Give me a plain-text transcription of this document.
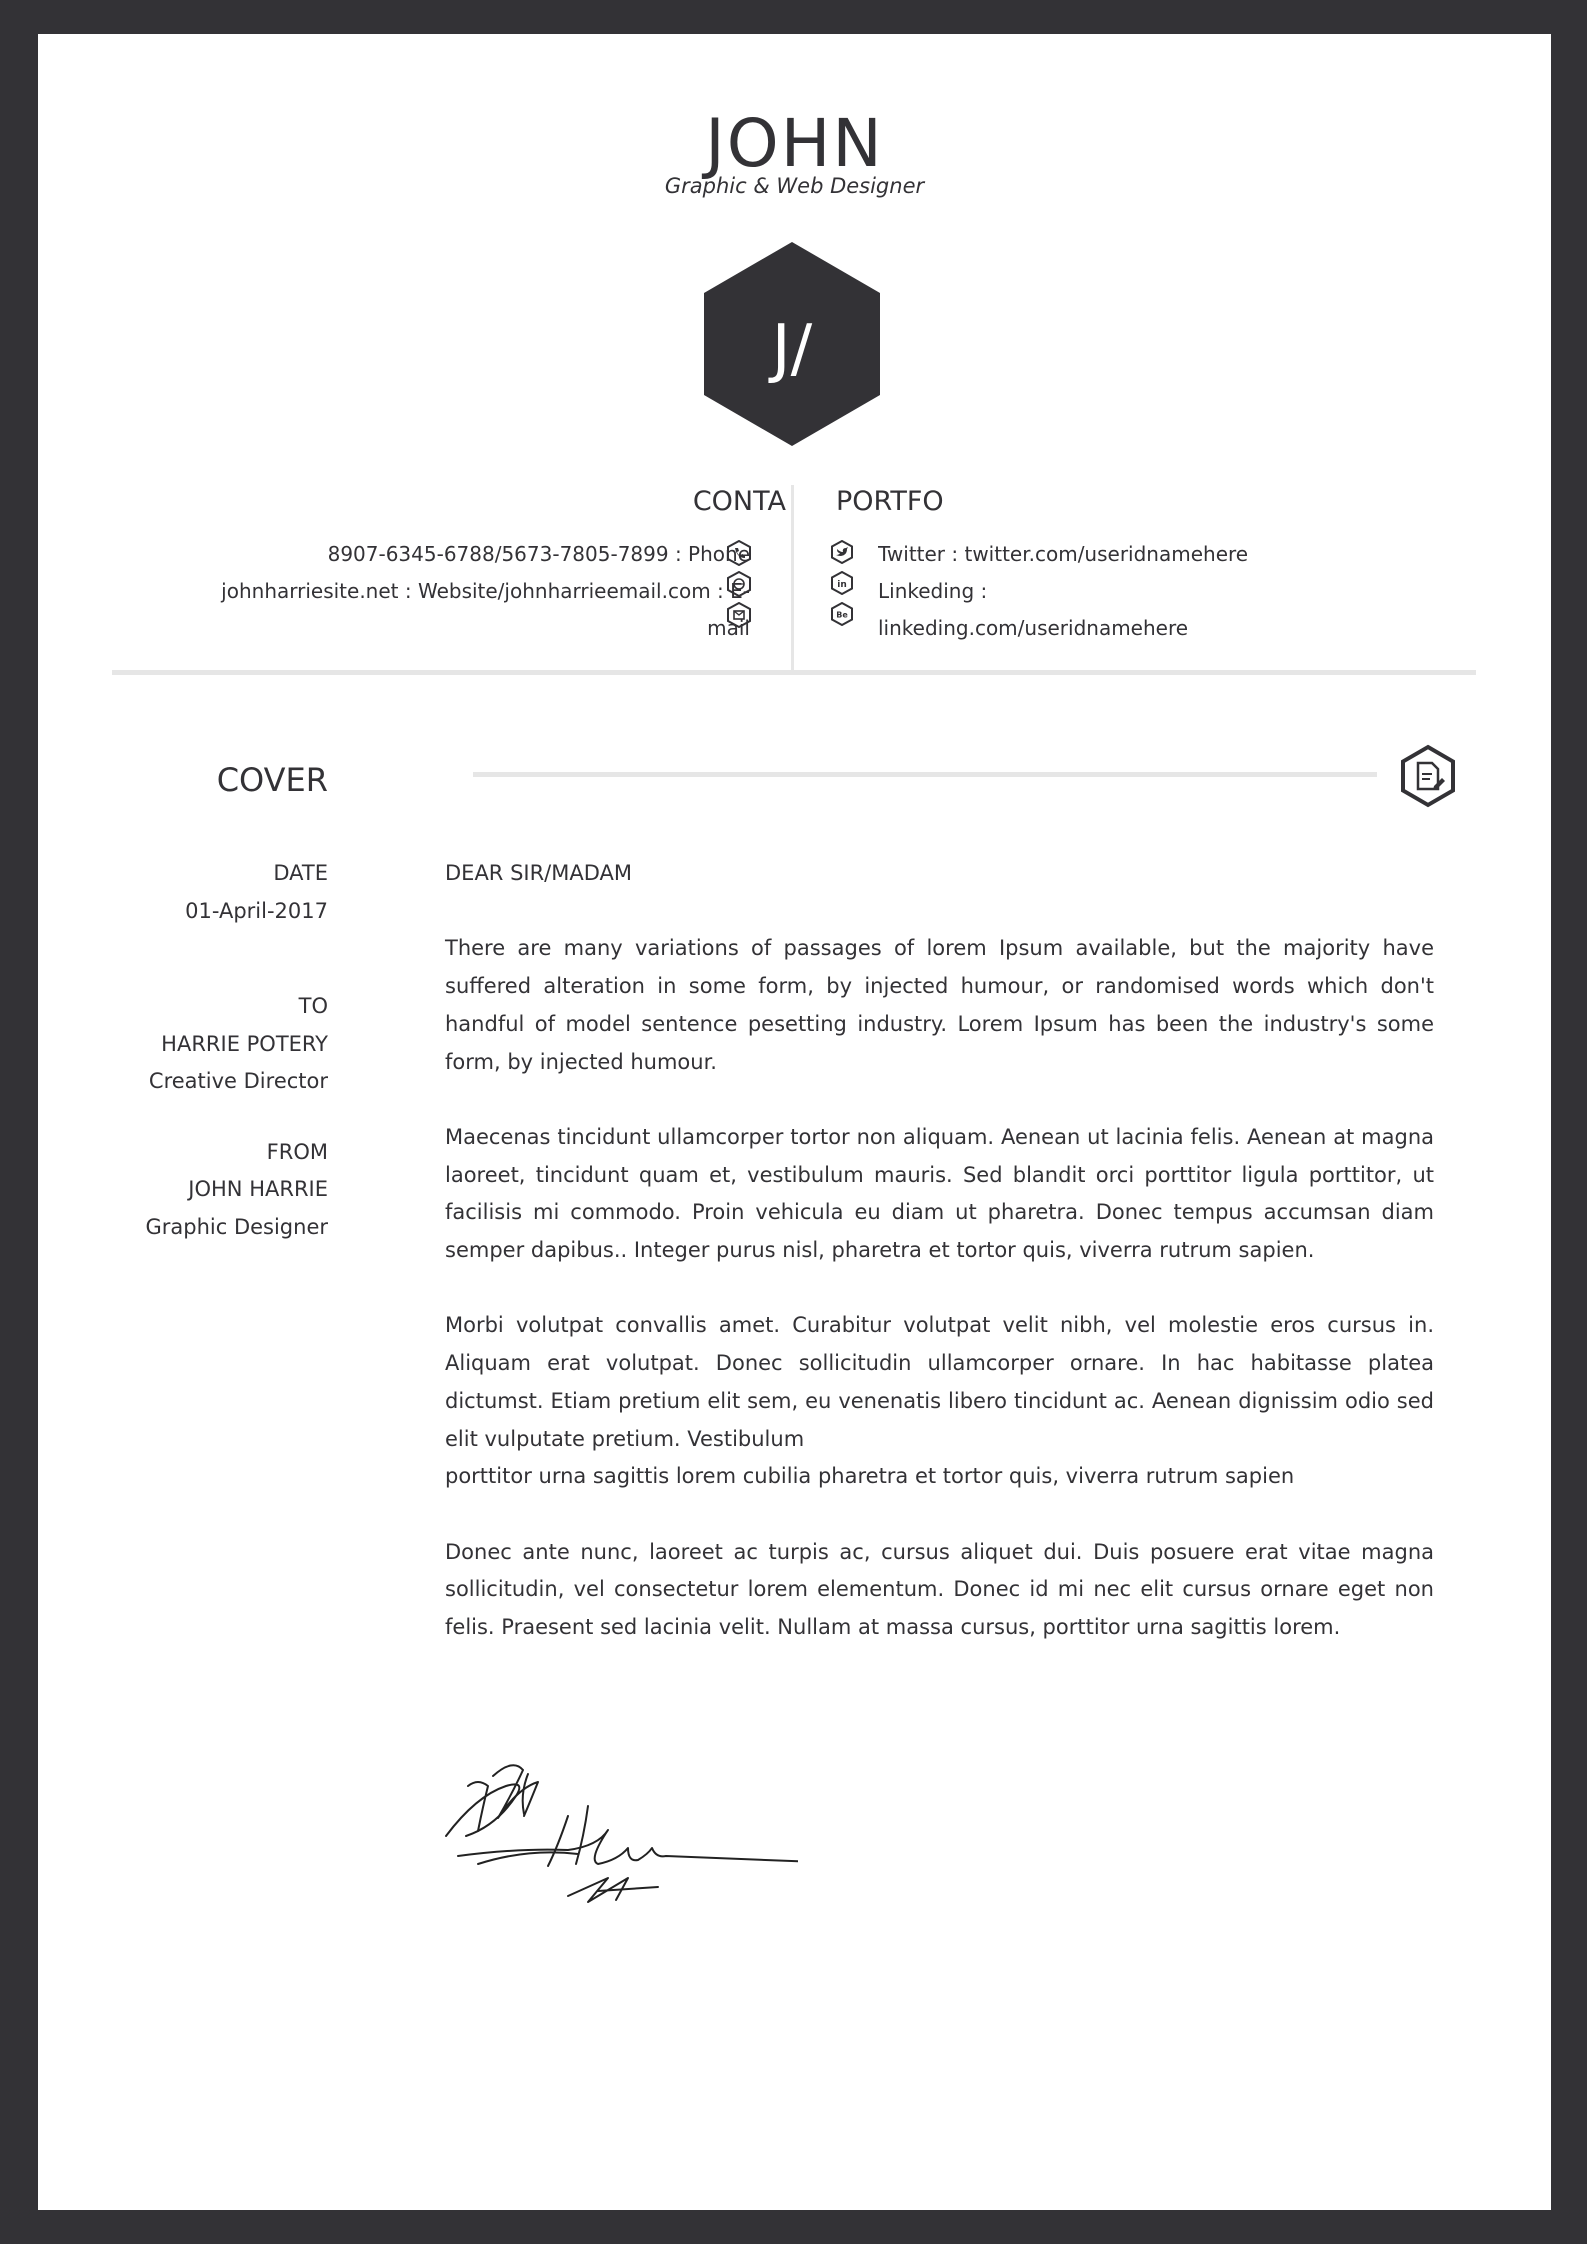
JOHN
Graphic & Web Designer
J/
CONTA PORTFO
8907-6345-6788/5673-7805-7899 : Phone
johnharriesite.net : Website/johnharrieemail.com : E-
mail
in
Be
Twitter : twitter.com/useridnamehere
Linkeding :
linkeding.com/useridnamehere
COVER
DATE
01-April-2017
TO
HARRIE POTERY
Creative Director
FROM
JOHN HARRIE
Graphic Designer

DEAR SIR/MADAM

There are many variations of passages of lorem Ipsum available, but the majority have suffered alteration in some form, by injected humour, or randomised words which don't handful of model sentence pesetting industry. Lorem Ipsum has been the industry's some form, by injected humour.

Maecenas tincidunt ullamcorper tortor non aliquam. Aenean ut lacinia felis. Aenean at magna laoreet, tincidunt quam et, vestibulum mauris. Sed blandit orci porttitor ligula porttitor, ut facilisis mi commodo. Proin vehicula eu diam ut pharetra. Donec tempus accumsan diam semper dapibus.. Integer purus nisl, pharetra et tortor quis, viverra rutrum sapien.

Morbi volutpat convallis amet. Curabitur volutpat velit nibh, vel molestie eros cursus in. Aliquam erat volutpat. Donec sollicitudin ullamcorper ornare. In hac habitasse platea dictumst. Etiam pretium elit sem, eu venenatis libero tincidunt ac. Aenean dignissim odio sed elit vulputate pretium. Vestibulum

porttitor urna sagittis lorem cubilia pharetra et tortor quis, viverra rutrum sapien

Donec ante nunc, laoreet ac turpis ac, cursus aliquet dui. Duis posuere erat vitae magna sollicitudin, vel consectetur lorem elementum. Donec id mi nec elit cursus ornare eget non felis. Praesent sed lacinia velit. Nullam at massa cursus, porttitor urna sagittis lorem.
